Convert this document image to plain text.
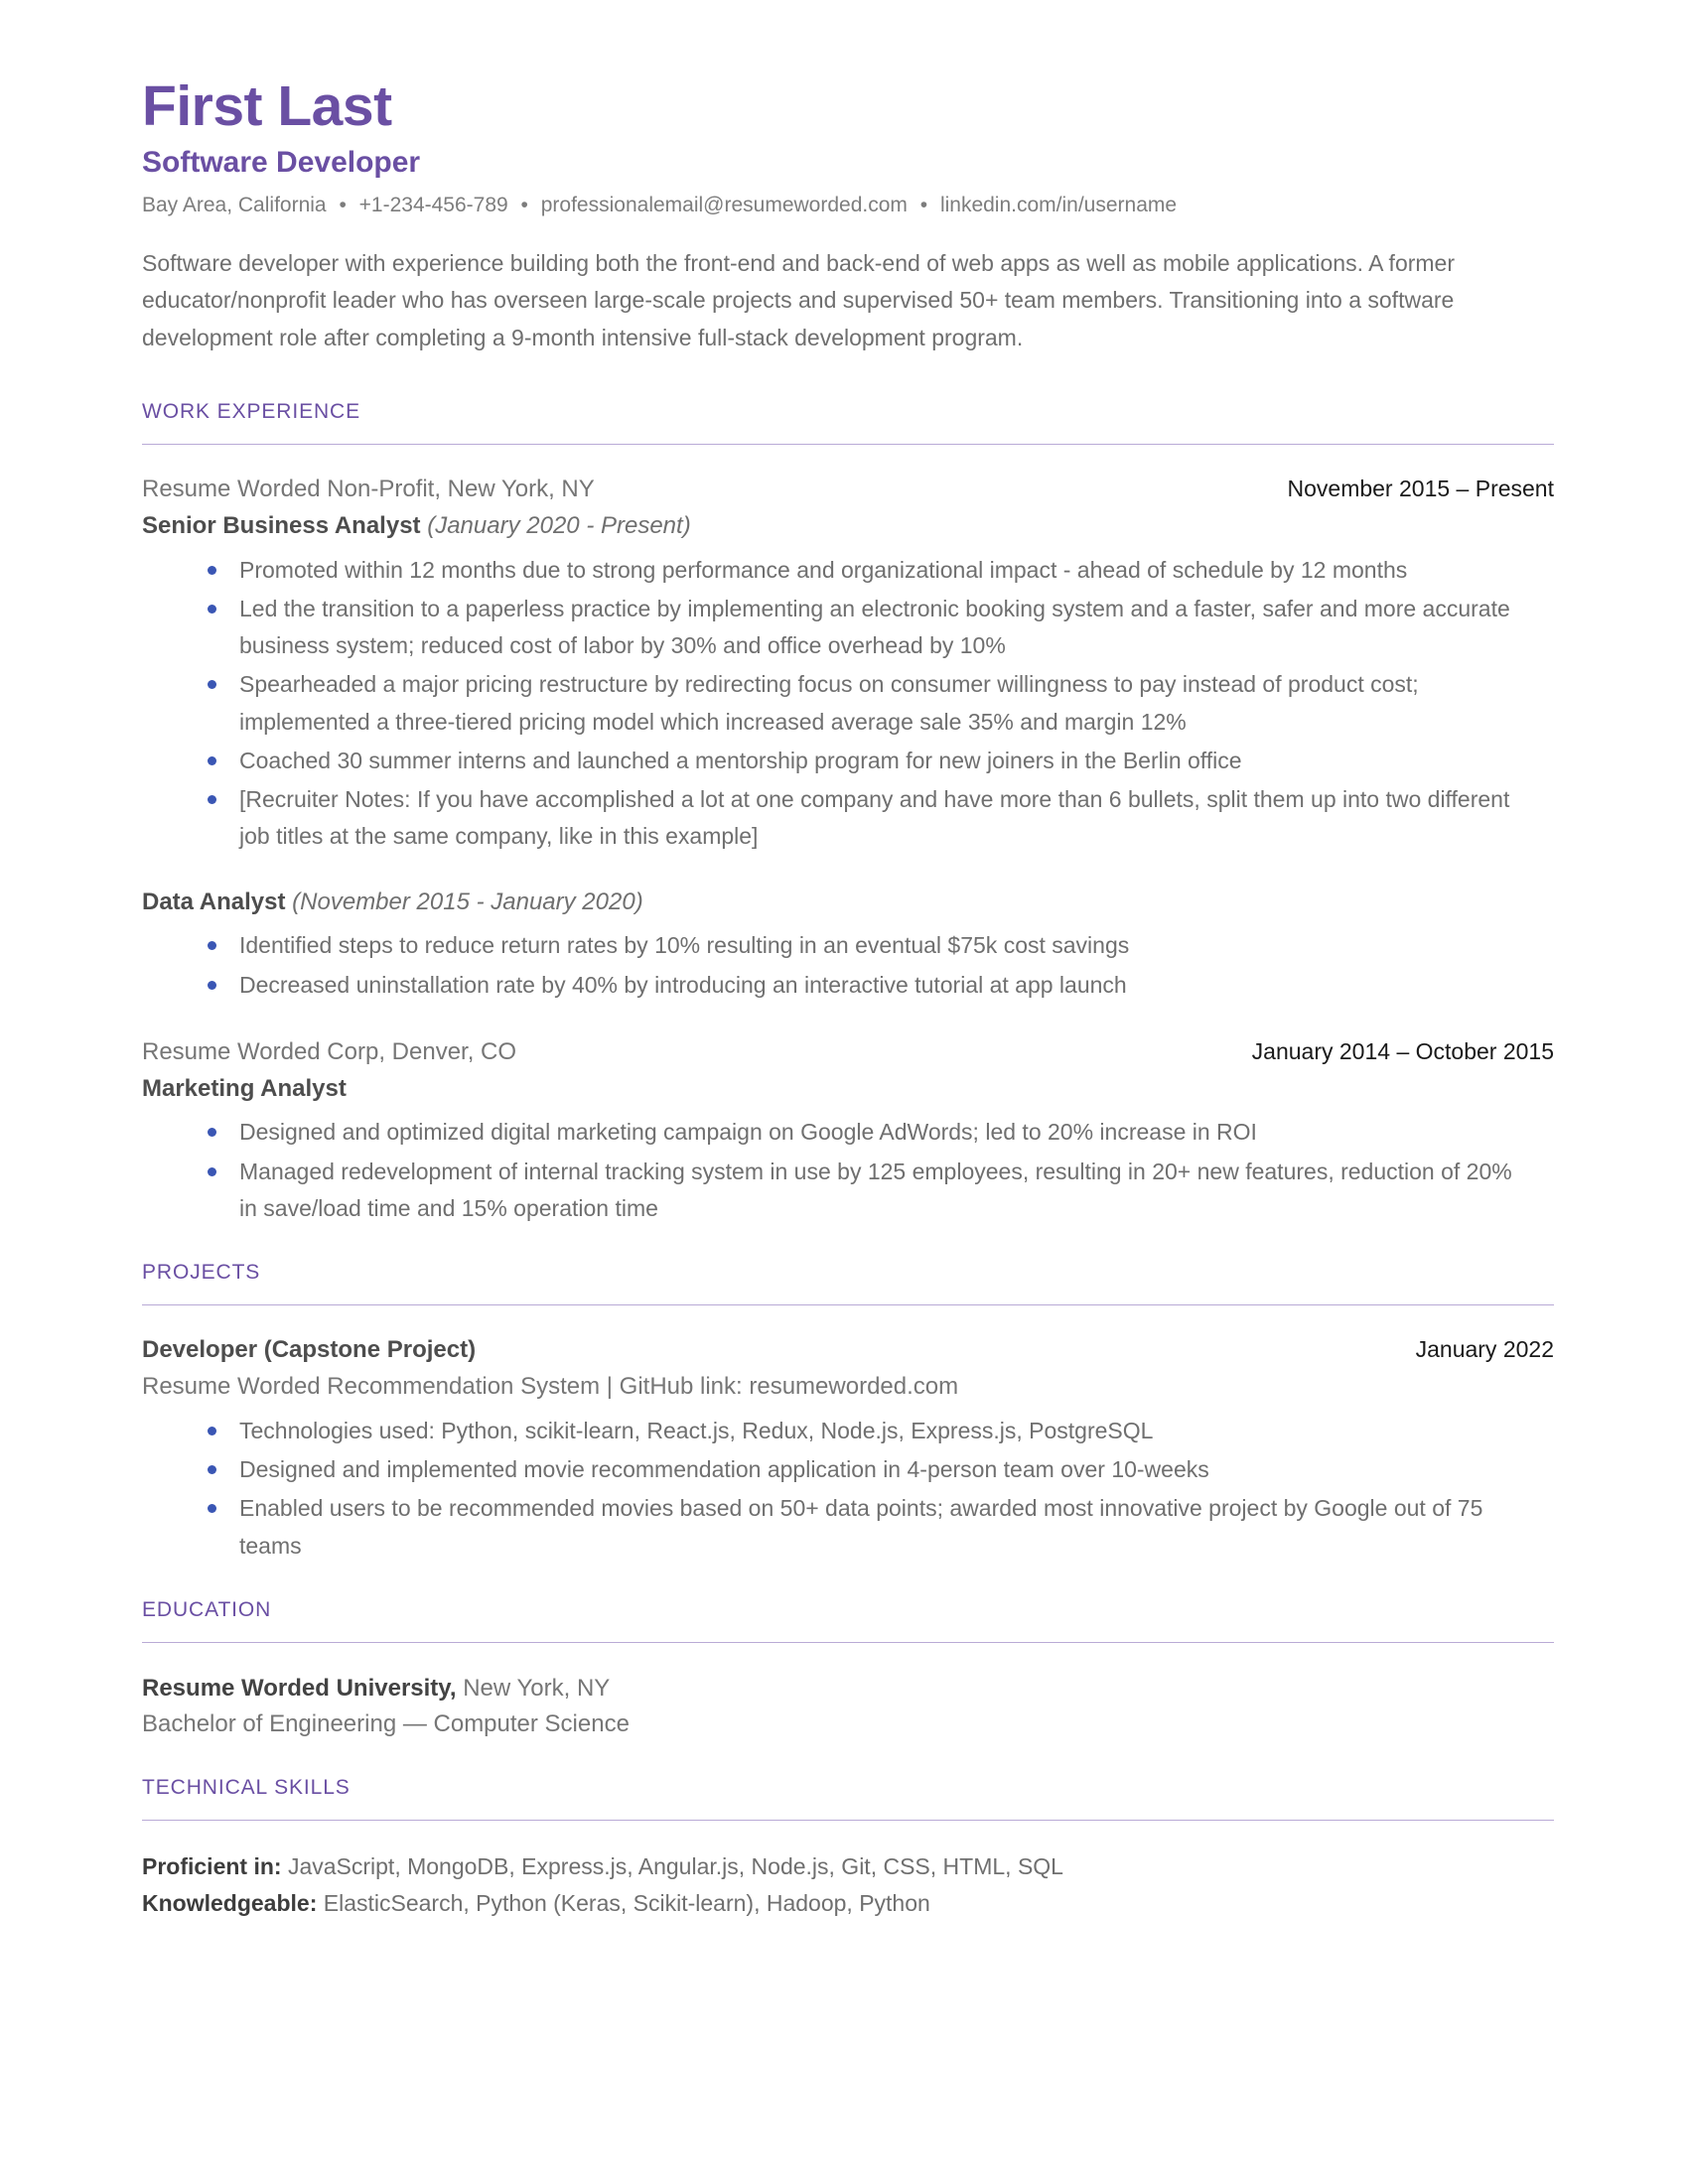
First Last
Software Developer
Bay Area, California • +1-234-456-789 • professionalemail@resumeworded.com • linkedin.com/in/username

Software developer with experience building both the front-end and back-end of web apps as well as mobile applications. A former educator/nonprofit leader who has overseen large-scale projects and supervised 50+ team members. Transitioning into a software development role after completing a 9-month intensive full-stack development program.

WORK EXPERIENCE
Resume Worded Non-Profit, New York, NY	November 2015 – Present
Senior Business Analyst (January 2020 - Present)
Promoted within 12 months due to strong performance and organizational impact - ahead of schedule by 12 months
Led the transition to a paperless practice by implementing an electronic booking system and a faster, safer and more accurate business system; reduced cost of labor by 30% and office overhead by 10%
Spearheaded a major pricing restructure by redirecting focus on consumer willingness to pay instead of product cost; implemented a three-tiered pricing model which increased average sale 35% and margin 12%
Coached 30 summer interns and launched a mentorship program for new joiners in the Berlin office
[Recruiter Notes: If you have accomplished a lot at one company and have more than 6 bullets, split them up into two different job titles at the same company, like in this example]
Data Analyst (November 2015 - January 2020)
Identified steps to reduce return rates by 10% resulting in an eventual $75k cost savings
Decreased uninstallation rate by 40% by introducing an interactive tutorial at app launch
Resume Worded Corp, Denver, CO	January 2014 – October 2015
Marketing Analyst
Designed and optimized digital marketing campaign on Google AdWords; led to 20% increase in ROI
Managed redevelopment of internal tracking system in use by 125 employees, resulting in 20+ new features, reduction of 20% in save/load time and 15% operation time
PROJECTS
Developer (Capstone Project)	January 2022
Resume Worded Recommendation System | GitHub link: resumeworded.com
Technologies used: Python, scikit-learn, React.js, Redux, Node.js, Express.js, PostgreSQL
Designed and implemented movie recommendation application in 4-person team over 10-weeks
Enabled users to be recommended movies based on 50+ data points; awarded most innovative project by Google out of 75 teams
EDUCATION
Resume Worded University, New York, NY
Bachelor of Engineering — Computer Science
TECHNICAL SKILLS
Proficient in: JavaScript, MongoDB, Express.js, Angular.js, Node.js, Git, CSS, HTML, SQL
Knowledgeable: ElasticSearch, Python (Keras, Scikit-learn), Hadoop, Python
